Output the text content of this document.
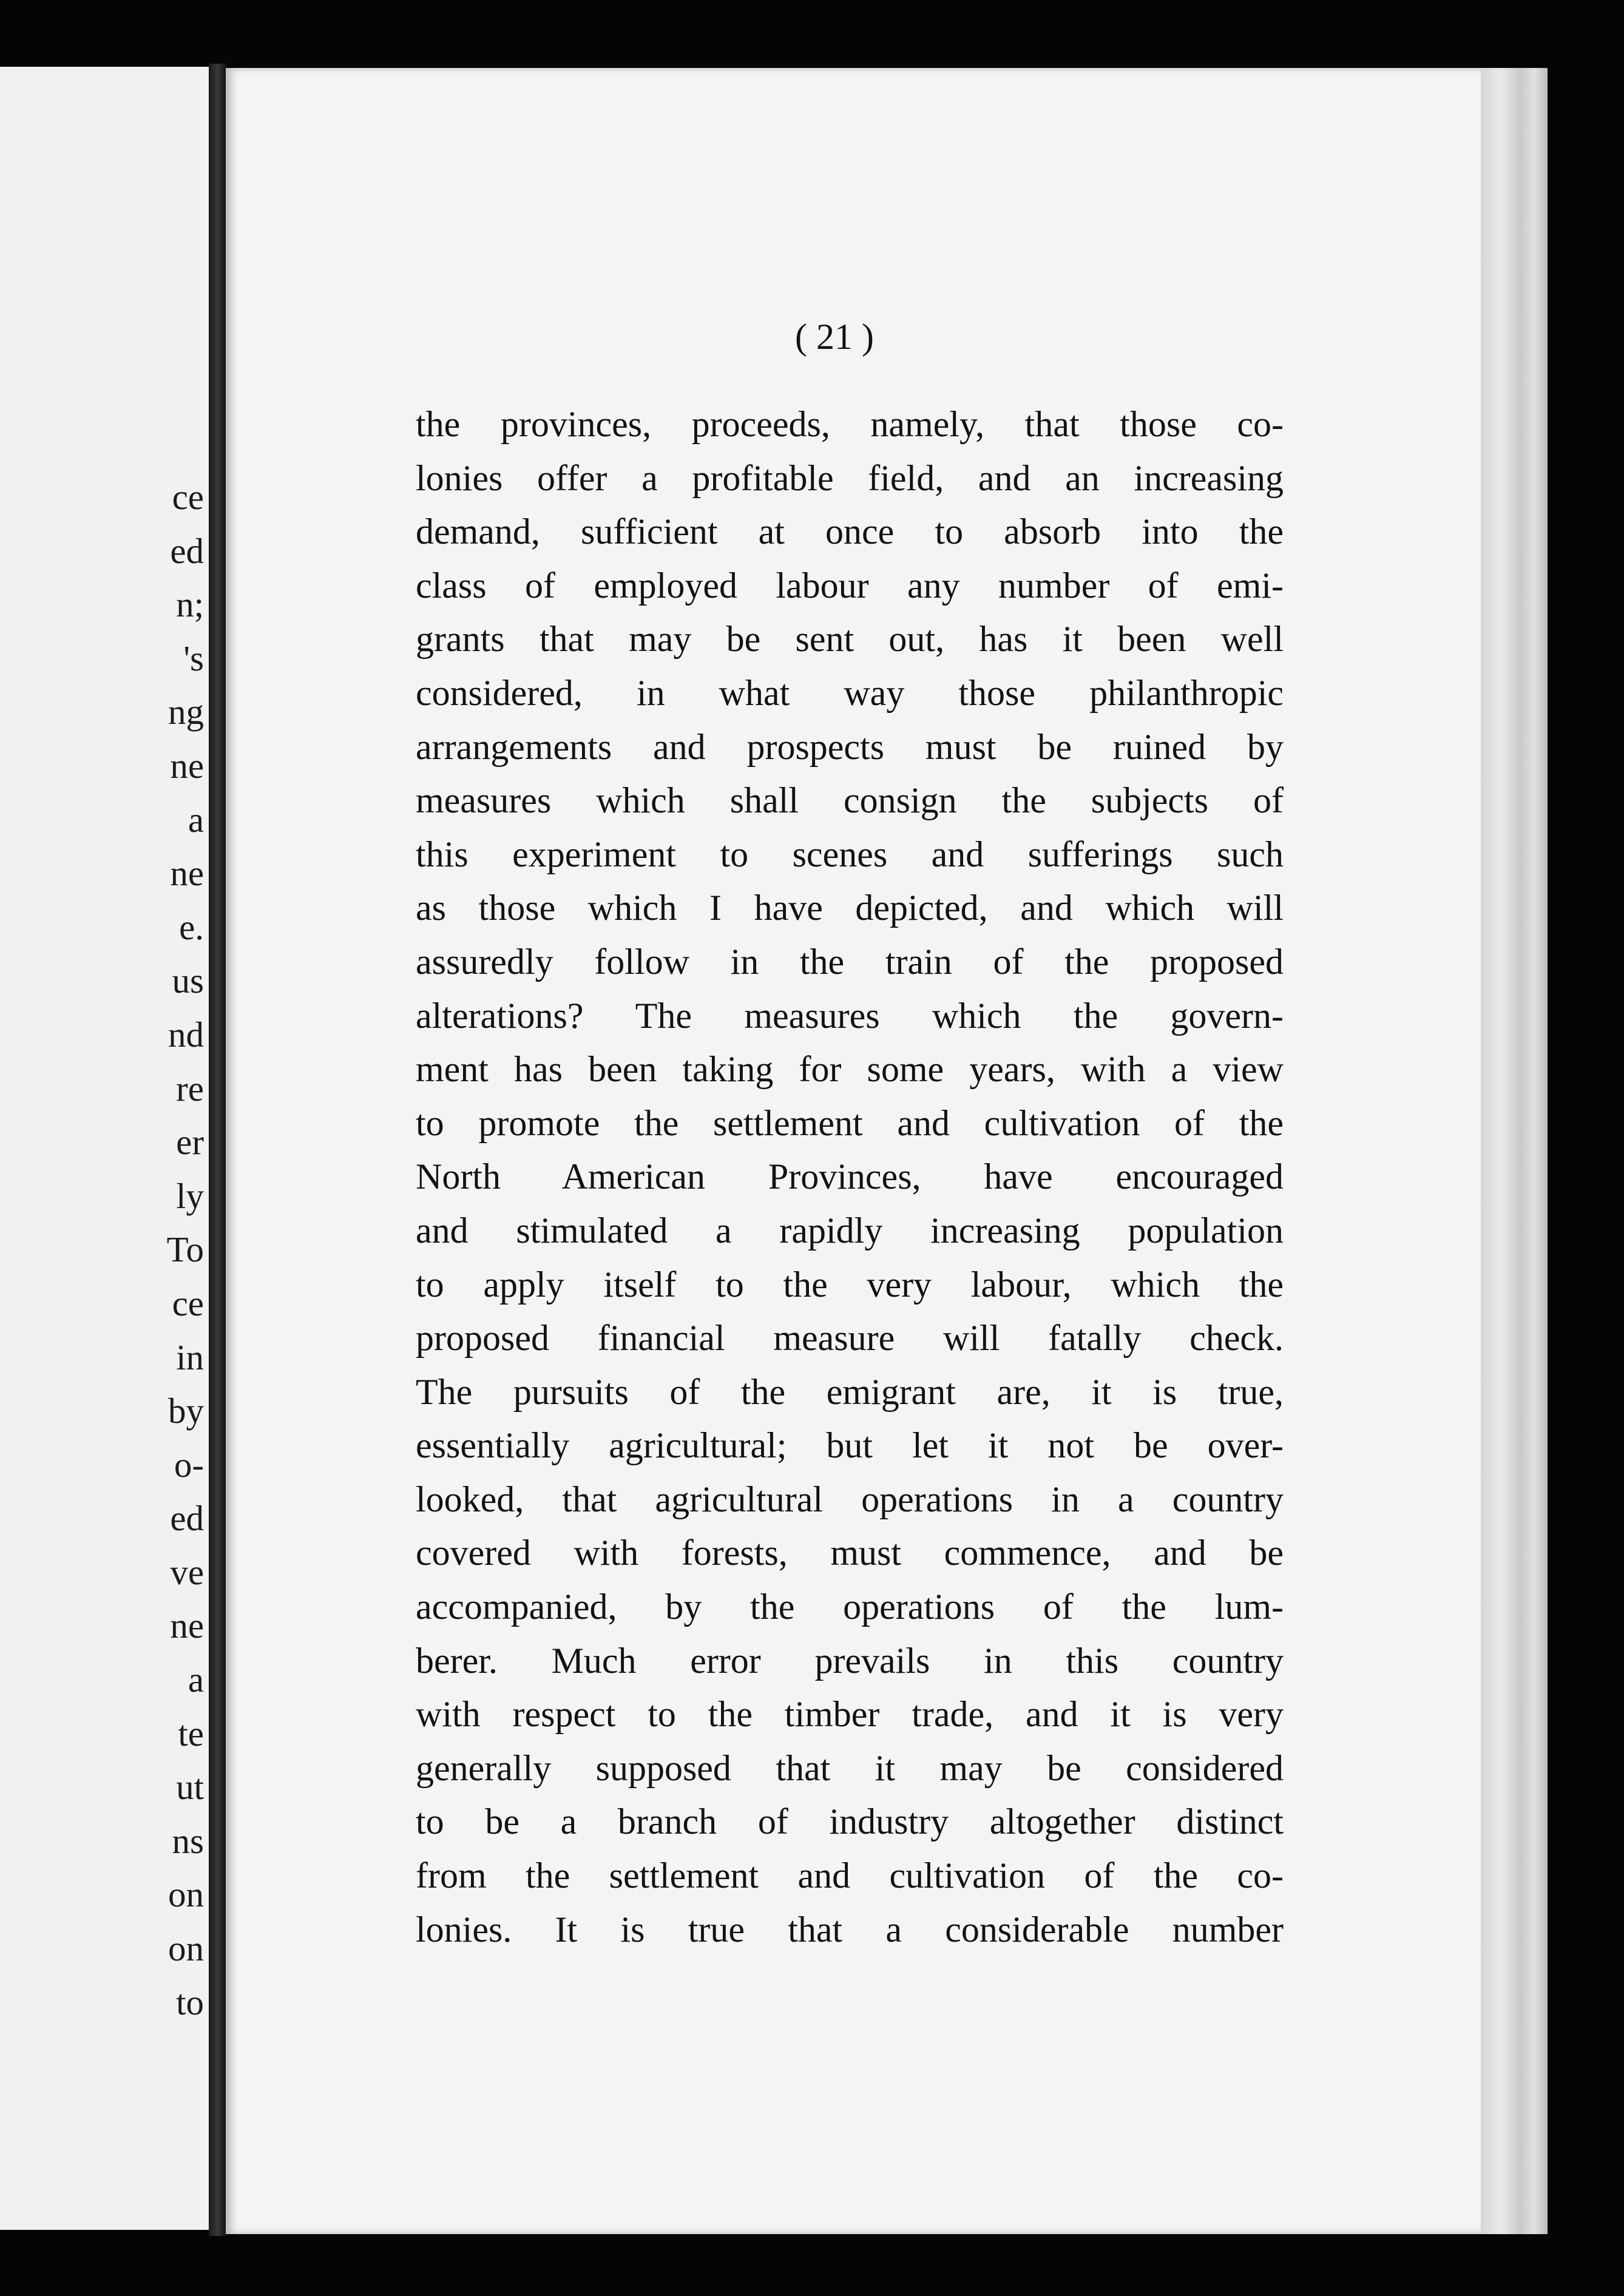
ce
ed
n;
's
ng
ne
a
ne
e.
us
nd
re
er
ly
To
ce
in
by
o-
ed
ve
ne
a
te
ut
ns
on
on
to
( 21 )
the provinces, proceeds, namely, that those co-
lonies offer a profitable field, and an increasing
demand, sufficient at once to absorb into the
class of employed labour any number of emi-
grants that may be sent out, has it been well
considered, in what way those philanthropic
arrangements and prospects must be ruined by
measures which shall consign the subjects of
this experiment to scenes and sufferings such
as those which I have depicted, and which will
assuredly follow in the train of the proposed
alterations? The measures which the govern-
ment has been taking for some years, with a view
to promote the settlement and cultivation of the
North American Provinces, have encouraged
and stimulated a rapidly increasing population
to apply itself to the very labour, which the
proposed financial measure will fatally check.
The pursuits of the emigrant are, it is true,
essentially agricultural; but let it not be over-
looked, that agricultural operations in a country
covered with forests, must commence, and be
accompanied, by the operations of the lum-
berer. Much error prevails in this country
with respect to the timber trade, and it is very
generally supposed that it may be considered
to be a branch of industry altogether distinct
from the settlement and cultivation of the co-
lonies. It is true that a considerable number
